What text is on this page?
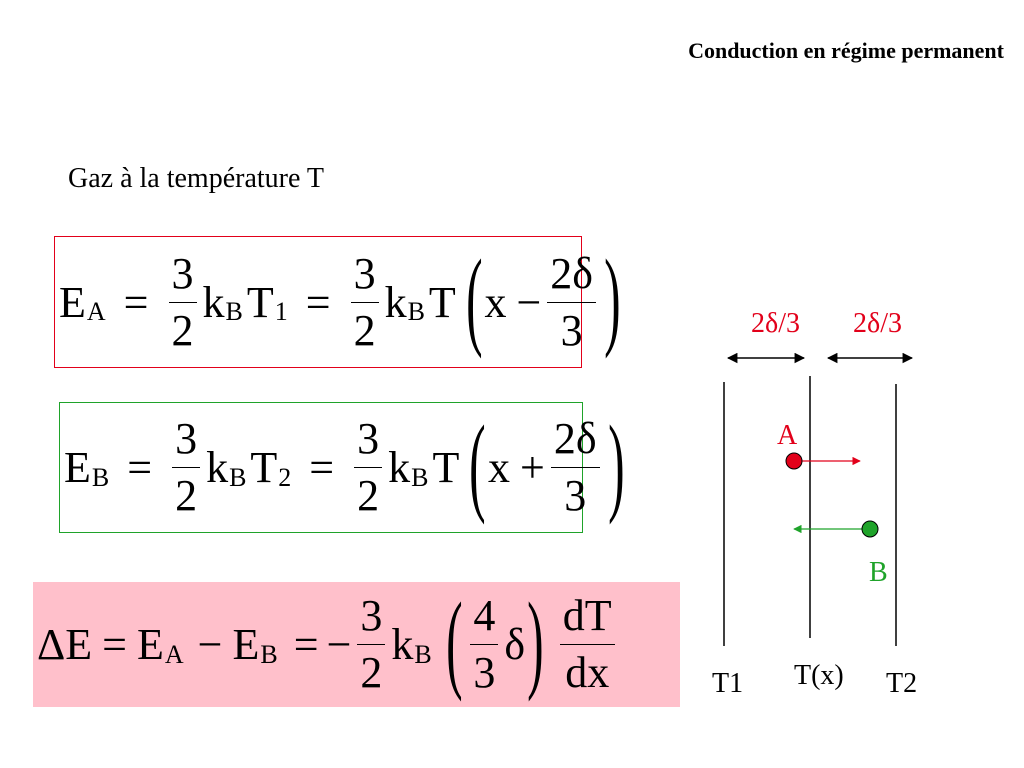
Conduction en régime permanent
Gaz à la température T
E $A = \frac{3}{2}$ k B T $1 = \frac{3}{2}$ k B T ( $x - \frac{2\delta}{3}$ )
E $B = \frac{3}{2}$ k B T $2 = \frac{3}{2}$ k B T ( $x + \frac{2\delta}{3}$ )
ΔE = E A − E B = − $\frac{3}{2}$ k B ( $\frac{4}{3}$ δ ) $\frac{dT}{dx}$
2δ/3 2δ/3
A
B
T1 T(x) T2
